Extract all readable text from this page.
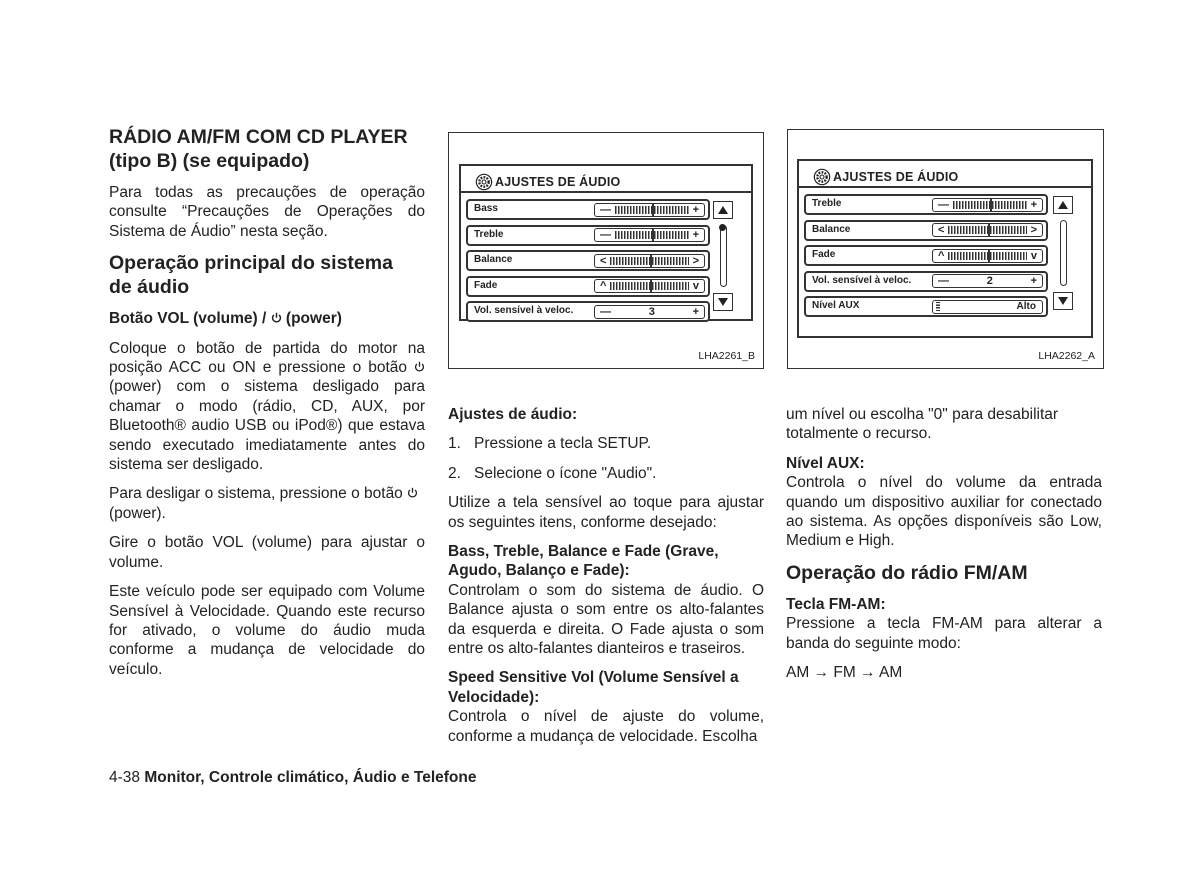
RÁDIO AM/FM COM CD PLAYER
(tipo B) (se equipado)

Para todas as precauções de operação consulte “Precauções de Operações do Sistema de Áudio” nesta seção.

Operação principal do sistema
de áudio
Botão VOL (volume) /  (power)

Coloque o botão de partida do motor na posição ACC ou ON e pressione o botão  (power) com o sistema desligado para chamar o modo (rádio, CD, AUX, por Bluetooth® audio USB ou iPod®) que estava sendo executado imediatamente antes do sistema ser desligado.

Para desligar o sistema, pressione o botão  (power).

Gire o botão VOL (volume) para ajustar o volume.

Este veículo pode ser equipado com Volume Sensível à Velocidade. Quando este recurso for ativado, o volume do áudio muda conforme a mudança de velocidade do veículo.

AJUSTES DE ÁUDIO
Bass	—	+
Treble	—	+
Balance	<	>
Fade	^	v
Vol. sensível à veloc. —	3	+
LHA2261_B
AJUSTES DE ÁUDIO
Treble	—	+
Balance	<	>
Fade	^	v
Vol. sensível à veloc. —	2	+
Nível AUX	Alto
LHA2262_A
Ajustes de áudio:
1. Pressione a tecla SETUP.
2. Selecione o ícone "Audio".

Utilize a tela sensível ao toque para ajustar os seguintes itens, conforme desejado:

Bass, Treble, Balance e Fade (Grave, Agudo, Balanço e Fade):

Controlam o som do sistema de áudio. O Balance ajusta o som entre os alto-falantes da esquerda e direita. O Fade ajusta o som entre os alto-falantes dianteiros e traseiros.

Speed Sensitive Vol (Volume Sensível a Velocidade):

Controla o nível de ajuste do volume, conforme a mudança de velocidade. Escolha

um nível ou escolha "0" para desabilitar totalmente o recurso.

Nível AUX:

Controla o nível do volume da entrada quando um dispositivo auxiliar for conectado ao sistema. As opções disponíveis são Low, Medium e High.

Operação do rádio FM/AM
Tecla FM-AM:

Pressione a tecla FM-AM para alterar a banda do seguinte modo:

AM → FM → AM

4-38 Monitor, Controle climático, Áudio e Telefone
